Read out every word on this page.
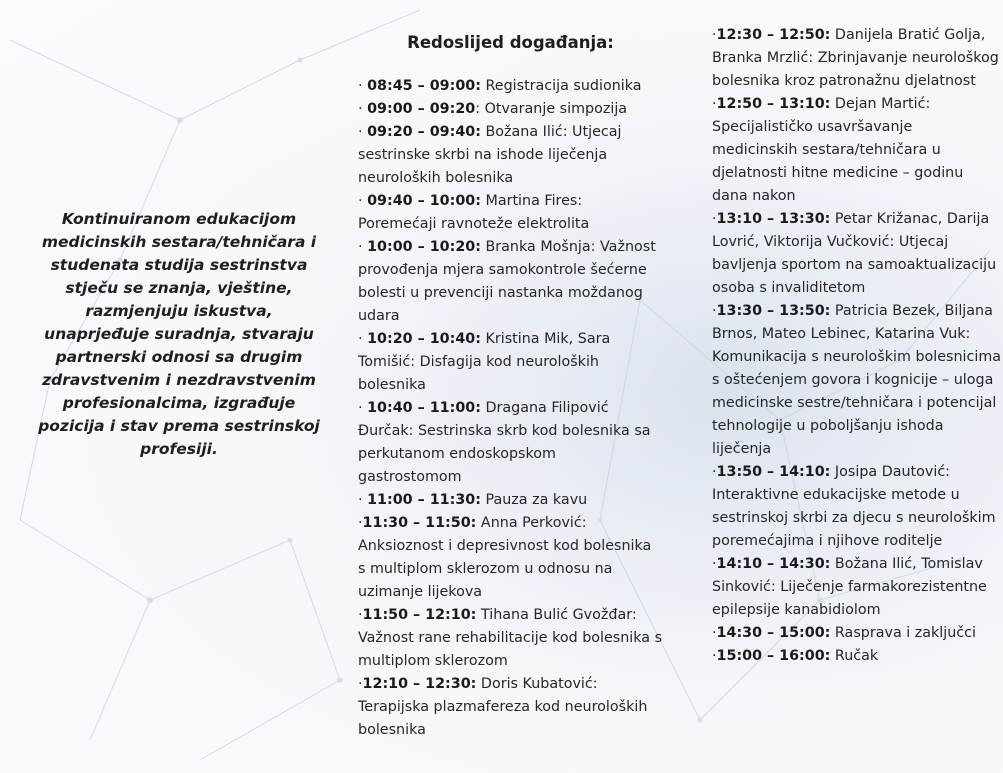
Kontinuiranom edukacijom medicinskih sestara/tehničara i studenata studija sestrinstva stječu se znanja, vještine, razmjenjuju iskustva, unaprjeđuje suradnja, stvaraju partnerski odnosi sa drugim zdravstvenim i nezdravstvenim profesionalcima, izgrađuje pozicija i stav prema sestrinskoj profesiji.

Redoslijed događanja:

· 08:45 – 09:00: Registracija sudionika

· 09:00 – 09:20: Otvaranje simpozija

· 09:20 – 09:40: Božana Ilić: Utjecaj sestrinske skrbi na ishode liječenja neuroloških bolesnika

· 09:40 – 10:00: Martina Fires: Poremećaji ravnoteže elektrolita

· 10:00 – 10:20: Branka Mošnja: Važnost provođenja mjera samokontrole šećerne bolesti u prevenciji nastanka moždanog udara

· 10:20 – 10:40: Kristina Mik, Sara Tomišić: Disfagija kod neuroloških bolesnika

· 10:40 – 11:00: Dragana Filipović Đurčak: Sestrinska skrb kod bolesnika sa perkutanom endoskopskom gastrostomom

· 11:00 – 11:30: Pauza za kavu

·11:30 – 11:50: Anna Perković: Anksioznost i depresivnost kod bolesnika s multiplom sklerozom u odnosu na uzimanje lijekova

·11:50 – 12:10: Tihana Bulić Gvožđar: Važnost rane rehabilitacije kod bolesnika s multiplom sklerozom

·12:10 – 12:30: Doris Kubatović: Terapijska plazmafereza kod neuroloških bolesnika

·12:30 – 12:50: Danijela Bratić Golja, Branka Mrzlić: Zbrinjavanje neurološkog bolesnika kroz patronažnu djelatnost

·12:50 – 13:10: Dejan Martić: Specijalističko usavršavanje medicinskih sestara/tehničara u djelatnosti hitne medicine – godinu dana nakon

·13:10 – 13:30: Petar Križanac, Darija Lovrić, Viktorija Vučković: Utjecaj bavljenja sportom na samoaktualizaciju osoba s invaliditetom

·13:30 – 13:50: Patricia Bezek, Biljana Brnos, Mateo Lebinec, Katarina Vuk: Komunikacija s neurološkim bolesnicima s oštećenjem govora i kognicije – uloga medicinske sestre/tehničara i potencijal tehnologije u poboljšanju ishoda liječenja

·13:50 – 14:10: Josipa Dautović: Interaktivne edukacijske metode u sestrinskoj skrbi za djecu s neurološkim poremećajima i njihove roditelje

·14:10 – 14:30: Božana Ilić, Tomislav Sinković: Liječenje farmakorezistentne epilepsije kanabidiolom

·14:30 – 15:00: Rasprava i zaključci

·15:00 – 16:00: Ručak
